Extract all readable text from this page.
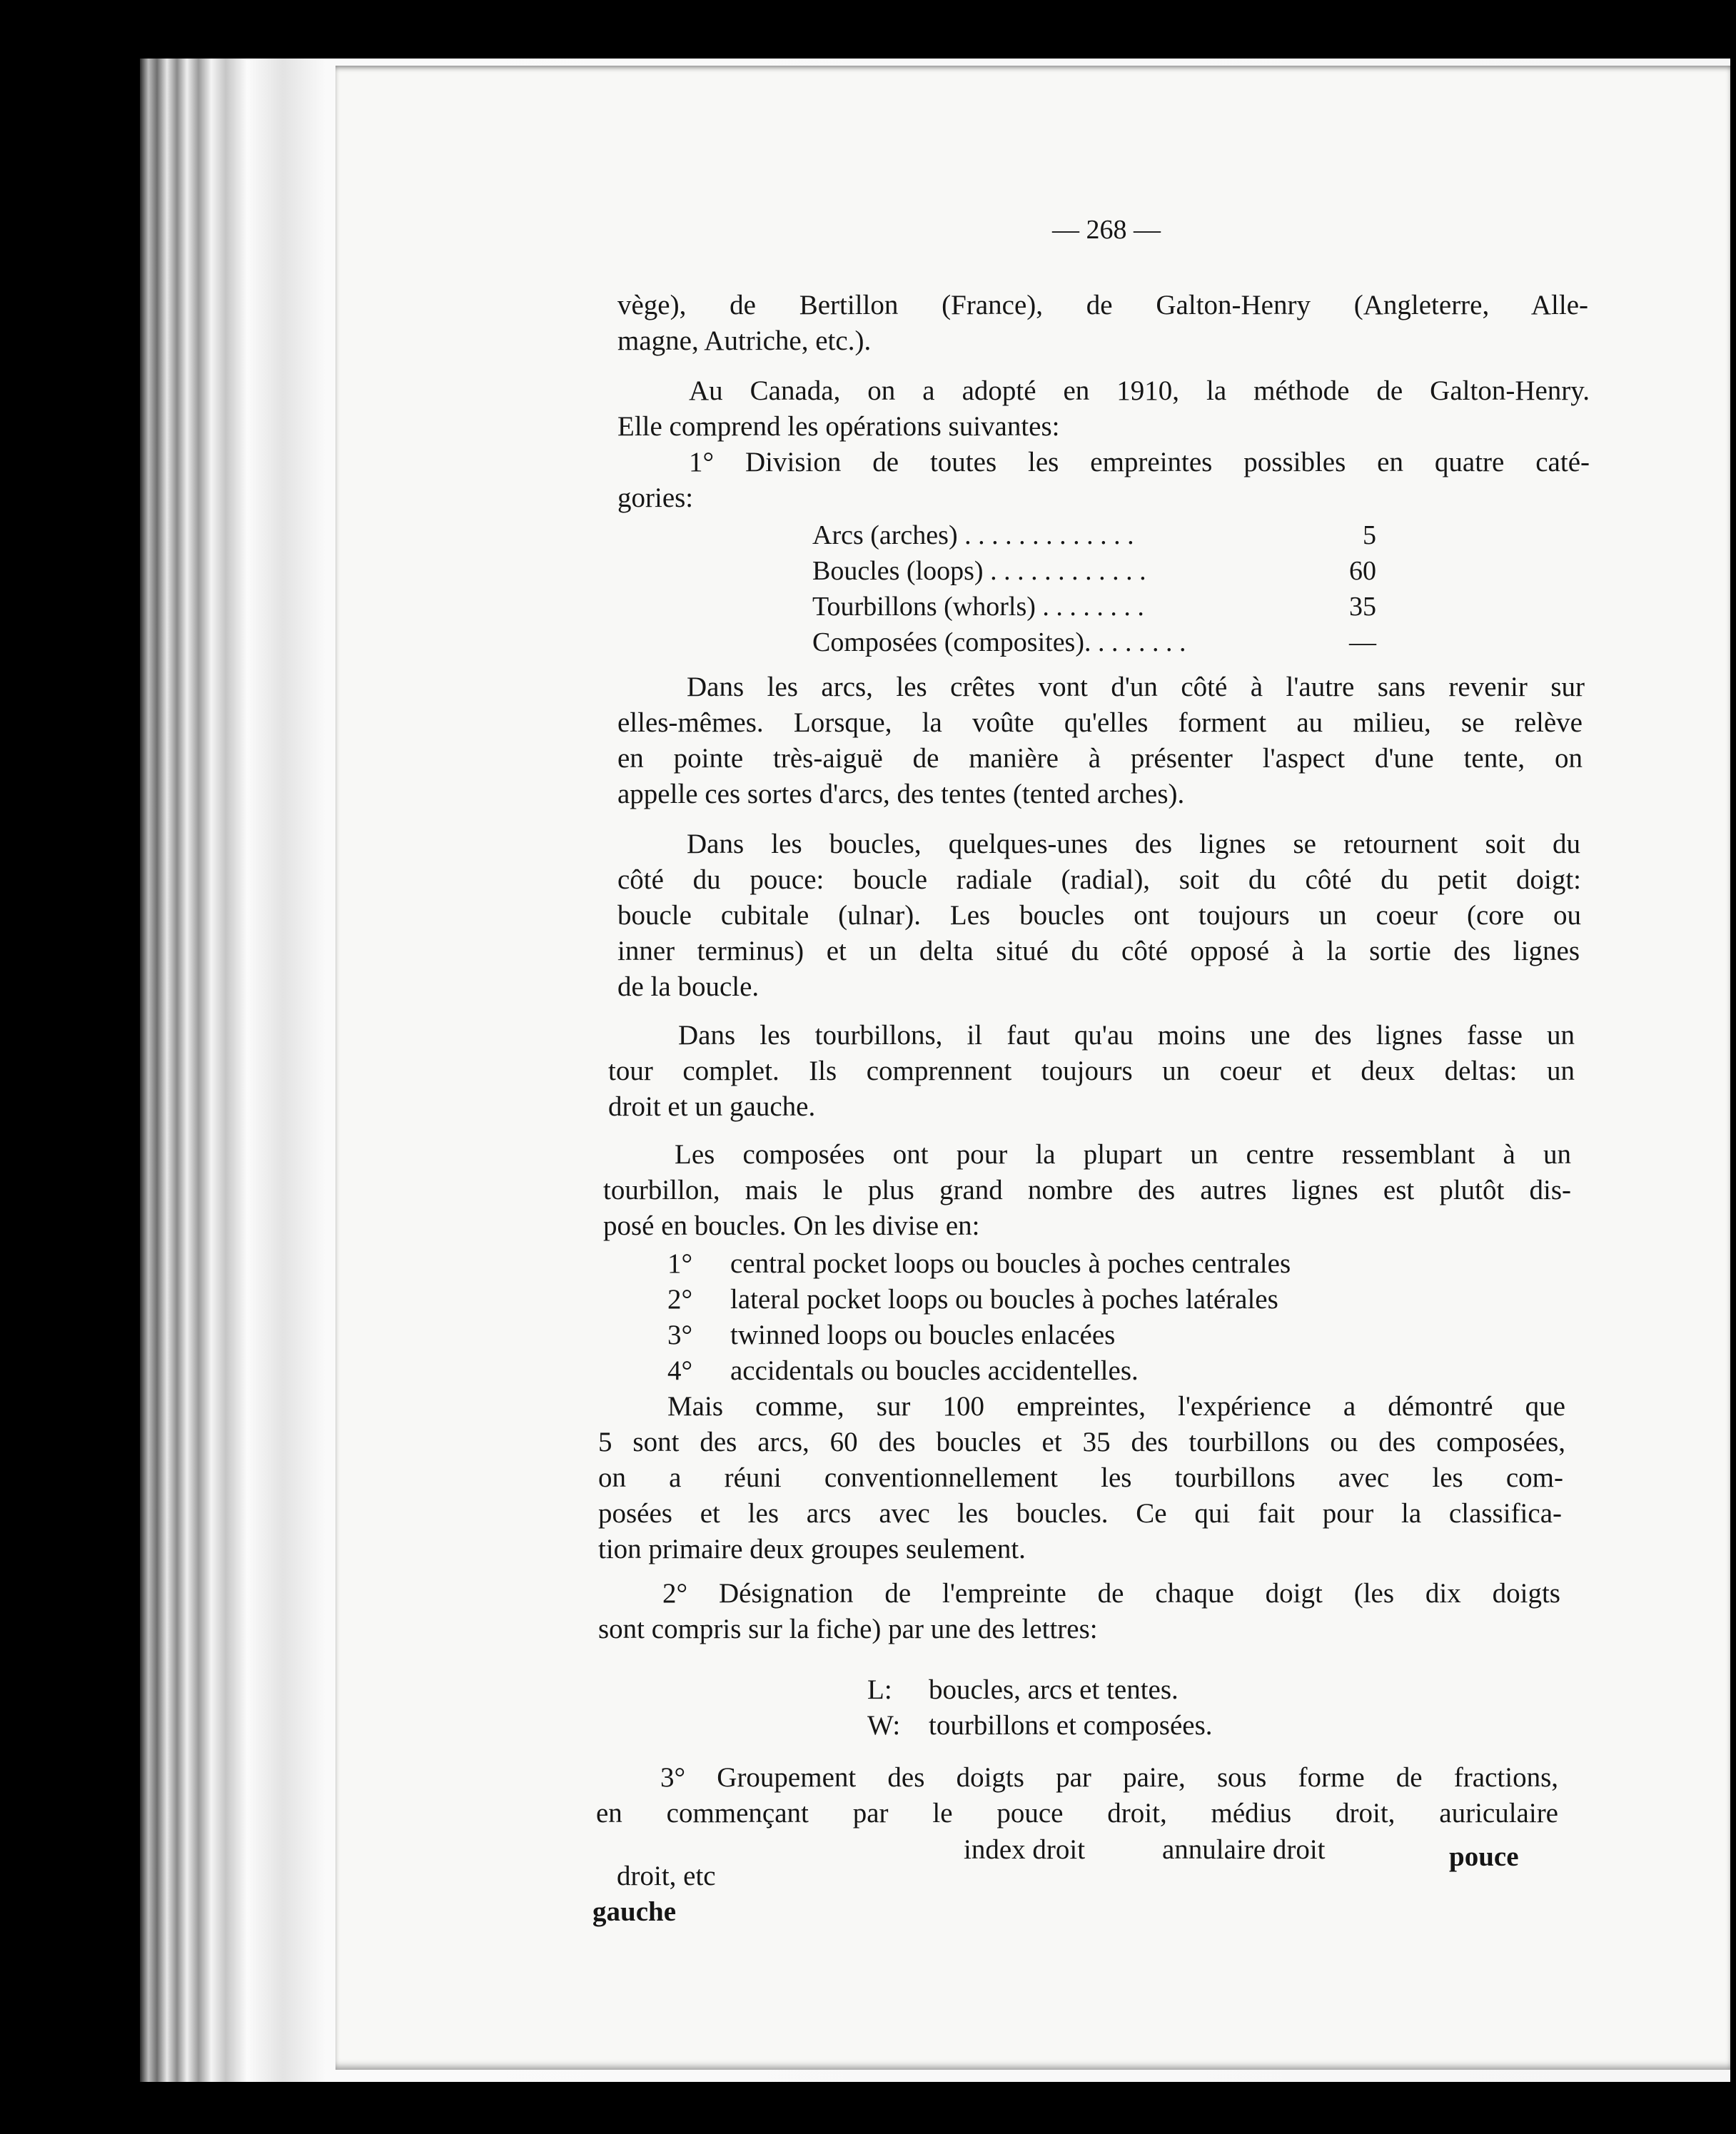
— 268 —
vège), de Bertillon (France), de Galton-Henry (Angleterre, Alle-
magne, Autriche, etc.).
Au Canada, on a adopté en 1910, la méthode de Galton-Henry.
Elle comprend les opérations suivantes:
1° Division de toutes les empreintes possibles en quatre caté-
gories:
Arcs (arches) . . . . . . . . . . . . .	5
Boucles (loops) . . . . . . . . . . . .	60
Tourbillons (whorls) . . . . . . . .	35
Composées (composites). . . . . . . .	—
Dans les arcs, les crêtes vont d'un côté à l'autre sans revenir sur
elles-mêmes. Lorsque, la voûte qu'elles forment au milieu, se relève
en pointe très-aiguë de manière à présenter l'aspect d'une tente, on
appelle ces sortes d'arcs, des tentes (tented arches).
Dans les boucles, quelques-unes des lignes se retournent soit du
côté du pouce: boucle radiale (radial), soit du côté du petit doigt:
boucle cubitale (ulnar). Les boucles ont toujours un coeur (core ou
inner terminus) et un delta situé du côté opposé à la sortie des lignes
de la boucle.
Dans les tourbillons, il faut qu'au moins une des lignes fasse un
tour complet. Ils comprennent toujours un coeur et deux deltas: un
droit et un gauche.
Les composées ont pour la plupart un centre ressemblant à un
tourbillon, mais le plus grand nombre des autres lignes est plutôt dis-
posé en boucles. On les divise en:
1° central pocket loops ou boucles à poches centrales
2° lateral pocket loops ou boucles à poches latérales
3° twinned loops ou boucles enlacées
4° accidentals ou boucles accidentelles.
Mais comme, sur 100 empreintes, l'expérience a démontré que
5 sont des arcs, 60 des boucles et 35 des tourbillons ou des composées,
on a réuni conventionnellement les tourbillons avec les com-
posées et les arcs avec les boucles. Ce qui fait pour la classifica-
tion primaire deux groupes seulement.
2° Désignation de l'empreinte de chaque doigt (les dix doigts
sont compris sur la fiche) par une des lettres:
L: boucles, arcs et tentes.
W: tourbillons et composées.
3° Groupement des doigts par paire, sous forme de fractions,
en commençant par le pouce droit, médius droit, auriculaire
index droit	annulaire droit	pouce
droit, etc
gauche
